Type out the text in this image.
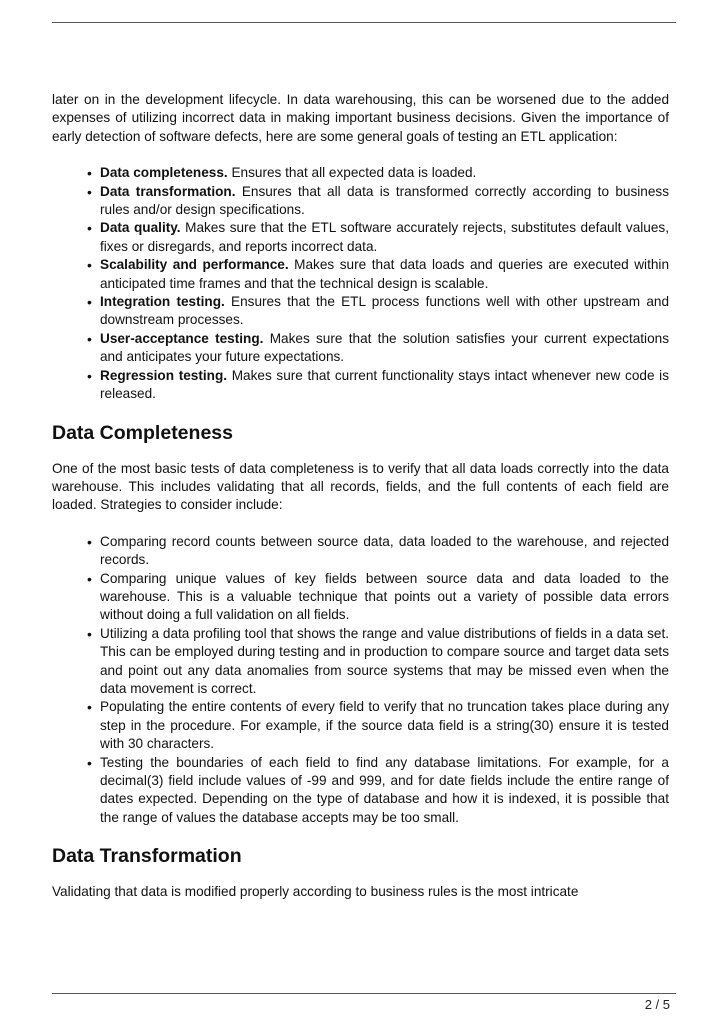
later on in the development lifecycle. In data warehousing, this can be worsened due to the added expenses of utilizing incorrect data in making important business decisions. Given the importance of early detection of software defects, here are some general goals of testing an ETL application:

• Data completeness. Ensures that all expected data is loaded.
• Data transformation. Ensures that all data is transformed correctly according to business rules and/or design specifications.
• Data quality. Makes sure that the ETL software accurately rejects, substitutes default values, fixes or disregards, and reports incorrect data.
• Scalability and performance. Makes sure that data loads and queries are executed within anticipated time frames and that the technical design is scalable.
• Integration testing. Ensures that the ETL process functions well with other upstream and downstream processes.
• User-acceptance testing. Makes sure that the solution satisfies your current expectations and anticipates your future expectations.
• Regression testing. Makes sure that current functionality stays intact whenever new code is released.
Data Completeness

One of the most basic tests of data completeness is to verify that all data loads correctly into the data warehouse. This includes validating that all records, fields, and the full contents of each field are loaded. Strategies to consider include:

• Comparing record counts between source data, data loaded to the warehouse, and rejected records.
• Comparing unique values of key fields between source data and data loaded to the warehouse. This is a valuable technique that points out a variety of possible data errors without doing a full validation on all fields.
• Utilizing a data profiling tool that shows the range and value distributions of fields in a data set. This can be employed during testing and in production to compare source and target data sets and point out any data anomalies from source systems that may be missed even when the data movement is correct.
• Populating the entire contents of every field to verify that no truncation takes place during any step in the procedure. For example, if the source data field is a string(30) ensure it is tested with 30 characters.
• Testing the boundaries of each field to find any database limitations. For example, for a decimal(3) field include values of -99 and 999, and for date fields include the entire range of dates expected. Depending on the type of database and how it is indexed, it is possible that the range of values the database accepts may be too small.
Data Transformation

Validating that data is modified properly according to business rules is the most intricate

2 / 5
